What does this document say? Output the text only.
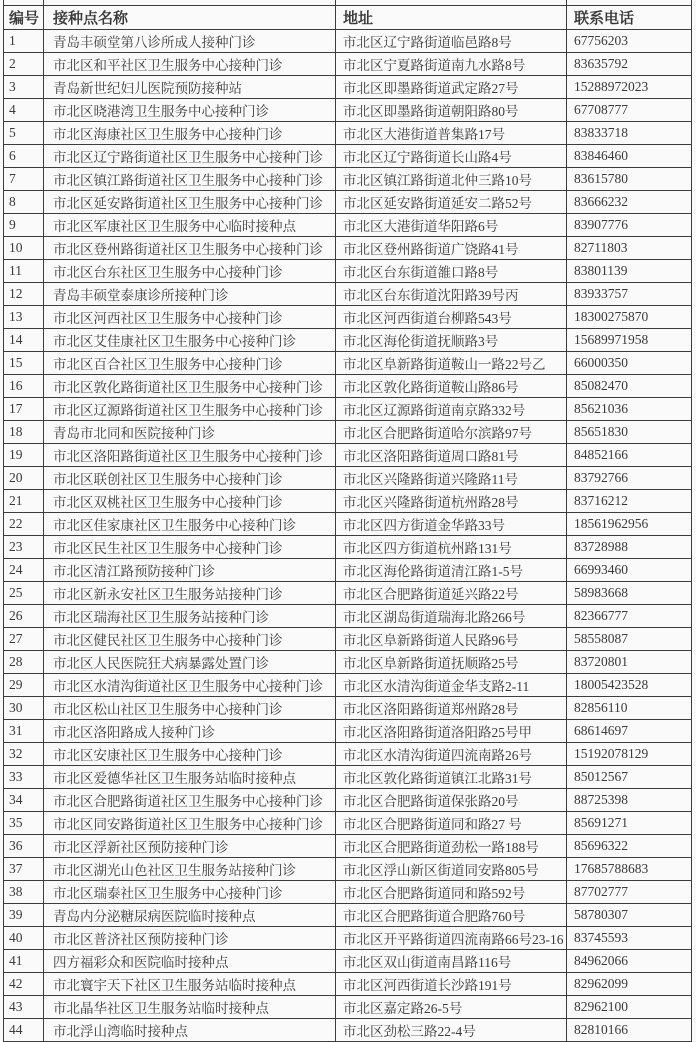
编号	接种点名称	地址	联系电话
1	青岛丰硕堂第八诊所成人接种门诊	市北区辽宁路街道临邑路8号	67756203
2	市北区和平社区卫生服务中心接种门诊	市北区宁夏路街道南九水路8号	83635792
3	青岛新世纪妇儿医院预防接种站	市北区即墨路街道武定路27号	15288972023
4	市北区晓港湾卫生服务中心接种门诊	市北区即墨路街道朝阳路80号	67708777
5	市北区海康社区卫生服务中心接种门诊	市北区大港街道普集路17号	83833718
6	市北区辽宁路街道社区卫生服务中心接种门诊	市北区辽宁路街道长山路4号	83846460
7	市北区镇江路街道社区卫生服务中心接种门诊	市北区镇江路街道北仲三路10号	83615780
8	市北区延安路街道社区卫生服务中心接种门诊	市北区延安路街道延安二路52号	83666232
9	市北区军康社区卫生服务中心临时接种点	市北区大港街道华阳路6号	83907776
10	市北区登州路街道社区卫生服务中心接种门诊	市北区登州路街道广饶路41号	82711803
11	市北区台东社区卫生服务中心接种门诊	市北区台东街道雒口路8号	83801139
12	青岛丰硕堂泰康诊所接种门诊	市北区台东街道沈阳路39号丙	83933757
13	市北区河西社区卫生服务中心接种门诊	市北区河西街道台柳路543号	18300275870
14	市北区艾佳康社区卫生服务中心接种门诊	市北区海伦街道抚顺路3号	15689971958
15	市北区百合社区卫生服务中心接种门诊	市北区阜新路街道鞍山一路22号乙	66000350
16	市北区敦化路街道社区卫生服务中心接种门诊	市北区敦化路街道鞍山路86号	85082470
17	市北区辽源路街道社区卫生服务中心接种门诊	市北区辽源路街道南京路332号	85621036
18	青岛市北同和医院接种门诊	市北区合肥路街道哈尔滨路97号	85651830
19	市北区洛阳路街道社区卫生服务中心接种门诊	市北区洛阳路街道周口路81号	84852166
20	市北区联创社区卫生服务中心接种门诊	市北区兴隆路街道兴隆路11号	83792766
21	市北区双桃社区卫生服务中心接种门诊	市北区兴隆路街道杭州路28号	83716212
22	市北区佳家康社区卫生服务中心接种门诊	市北区四方街道金华路33号	18561962956
23	市北区民生社区卫生服务中心接种门诊	市北区四方街道杭州路131号	83728988
24	市北区清江路预防接种门诊	市北区海伦路街道清江路1-5号	66993460
25	市北区新永安社区卫生服务站接种门诊	市北区合肥路街道延兴路22号	58983668
26	市北区瑞海社区卫生服务站接种门诊	市北区湖岛街道瑞海北路266号	82366777
27	市北区健民社区卫生服务中心接种门诊	市北区阜新路街道人民路96号	58558087
28	市北区人民医院狂犬病暴露处置门诊	市北区阜新路街道抚顺路25号	83720801
29	市北区水清沟街道社区卫生服务中心接种门诊	市北区水清沟街道金华支路2-11	18005423528
30	市北区松山社区卫生服务中心接种门诊	市北区洛阳路街道郑州路28号	82856110
31	市北区洛阳路成人接种门诊	市北区洛阳路街道洛阳路25号甲	68614697
32	市北区安康社区卫生服务中心接种门诊	市北区水清沟街道四流南路26号	15192078129
33	市北区爱德华社区卫生服务站临时接种点	市北区敦化路街道镇江北路31号	85012567
34	市北区合肥路街道社区卫生服务中心接种门诊	市北区合肥路街道保张路20号	88725398
35	市北区同安路街道社区卫生服务中心接种门诊	市北区合肥路街道同和路27 号	85691271
36	市北区浮新社区预防接种门诊	市北区合肥路街道劲松一路188号	85696322
37	市北区湖光山色社区卫生服务站接种门诊	市北区浮山新区街道同安路805号	17685788683
38	市北区瑞泰社区卫生服务中心接种门诊	市北区合肥路街道同和路592号	87702777
39	青岛内分泌糖尿病医院临时接种点	市北区合肥路街道合肥路760号	58780307
40	市北区普济社区预防接种门诊	市北区开平路街道四流南路66号23-16	83745593
41	四方福彩众和医院临时接种点	市北区双山街道南昌路116号	84962066
42	市北寰宇天下社区卫生服务站临时接种点	市北区河西街道长沙路191号	82962099
43	市北晶华社区卫生服务站临时接种点	市北区嘉定路26-5号	82962100
44	市北浮山湾临时接种点	市北区劲松三路22-4号	82810166
